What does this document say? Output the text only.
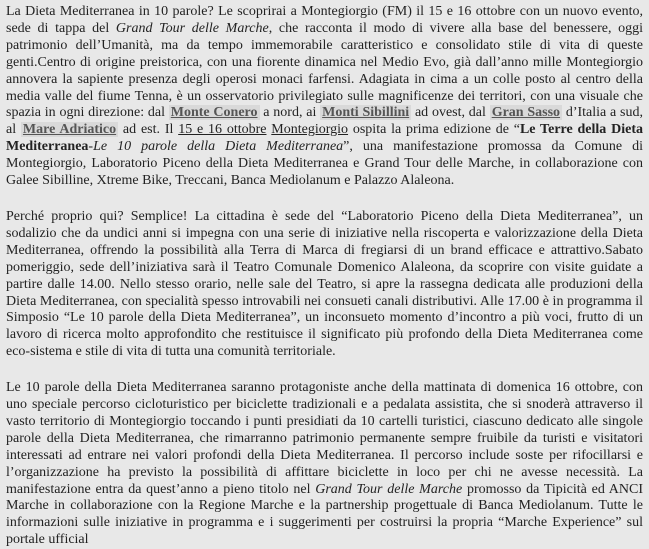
La Dieta Mediterranea in 10 parole? Le scoprirai a Montegiorgio (FM) il 15 e 16 ottobre con un nuovo evento, sede di tappa del Grand Tour delle Marche, che racconta il modo di vivere alla base del benessere, oggi patrimonio dell’Umanità, ma da tempo immemorabile caratteristico e consolidato stile di vita di queste genti.Centro di origine preistorica, con una fiorente dinamica nel Medio Evo, già dall’anno mille Montegiorgio annovera la sapiente presenza degli operosi monaci farfensi. Adagiata in cima a un colle posto al centro della media valle del fiume Tenna, è un osservatorio privilegiato sulle magnificenze dei territori, con una visuale che spazia in ogni direzione: dal Monte Conero a nord, ai Monti Sibillini ad ovest, dal Gran Sasso d’Italia a sud, al Mare Adriatico ad est. Il 15 e 16 ottobre Montegiorgio ospita la prima edizione de “Le Terre della Dieta Mediterranea-Le 10 parole della Dieta Mediterranea”, una manifestazione promossa da Comune di Montegiorgio, Laboratorio Piceno della Dieta Mediterranea e Grand Tour delle Marche, in collaborazione con Galee Sibilline, Xtreme Bike, Treccani, Banca Mediolanum e Palazzo Alaleona.

Perché proprio qui? Semplice! La cittadina è sede del “Laboratorio Piceno della Dieta Mediterranea”, un sodalizio che da undici anni si impegna con una serie di iniziative nella riscoperta e valorizzazione della Dieta Mediterranea, offrendo la possibilità alla Terra di Marca di fregiarsi di un brand efficace e attrattivo.Sabato pomeriggio, sede dell’iniziativa sarà il Teatro Comunale Domenico Alaleona, da scoprire con visite guidate a partire dalle 14.00. Nello stesso orario, nelle sale del Teatro, si apre la rassegna dedicata alle produzioni della Dieta Mediterranea, con specialità spesso introvabili nei consueti canali distributivi. Alle 17.00 è in programma il Simposio “Le 10 parole della Dieta Mediterranea”, un inconsueto momento d’incontro a più voci, frutto di un lavoro di ricerca molto approfondito che restituisce il significato più profondo della Dieta Mediterranea come eco-sistema e stile di vita di tutta una comunità territoriale.

Le 10 parole della Dieta Mediterranea saranno protagoniste anche della mattinata di domenica 16 ottobre, con uno speciale percorso cicloturistico per biciclette tradizionali e a pedalata assistita, che si snoderà attraverso il vasto territorio di Montegiorgio toccando i punti presidiati da 10 cartelli turistici, ciascuno dedicato alle singole parole della Dieta Mediterranea, che rimarranno patrimonio permanente sempre fruibile da turisti e visitatori interessati ad entrare nei valori profondi della Dieta Mediterranea. Il percorso include soste per rifocillarsi e l’organizzazione ha previsto la possibilità di affittare biciclette in loco per chi ne avesse necessità. La manifestazione entra da quest’anno a pieno titolo nel Grand Tour delle Marche promosso da Tipicità ed ANCI Marche in collaborazione con la Regione Marche e la partnership progettuale di Banca Mediolanum. Tutte le informazioni sulle iniziative in programma e i suggerimenti per costruirsi la propria “Marche Experience” sul portale ufficial
